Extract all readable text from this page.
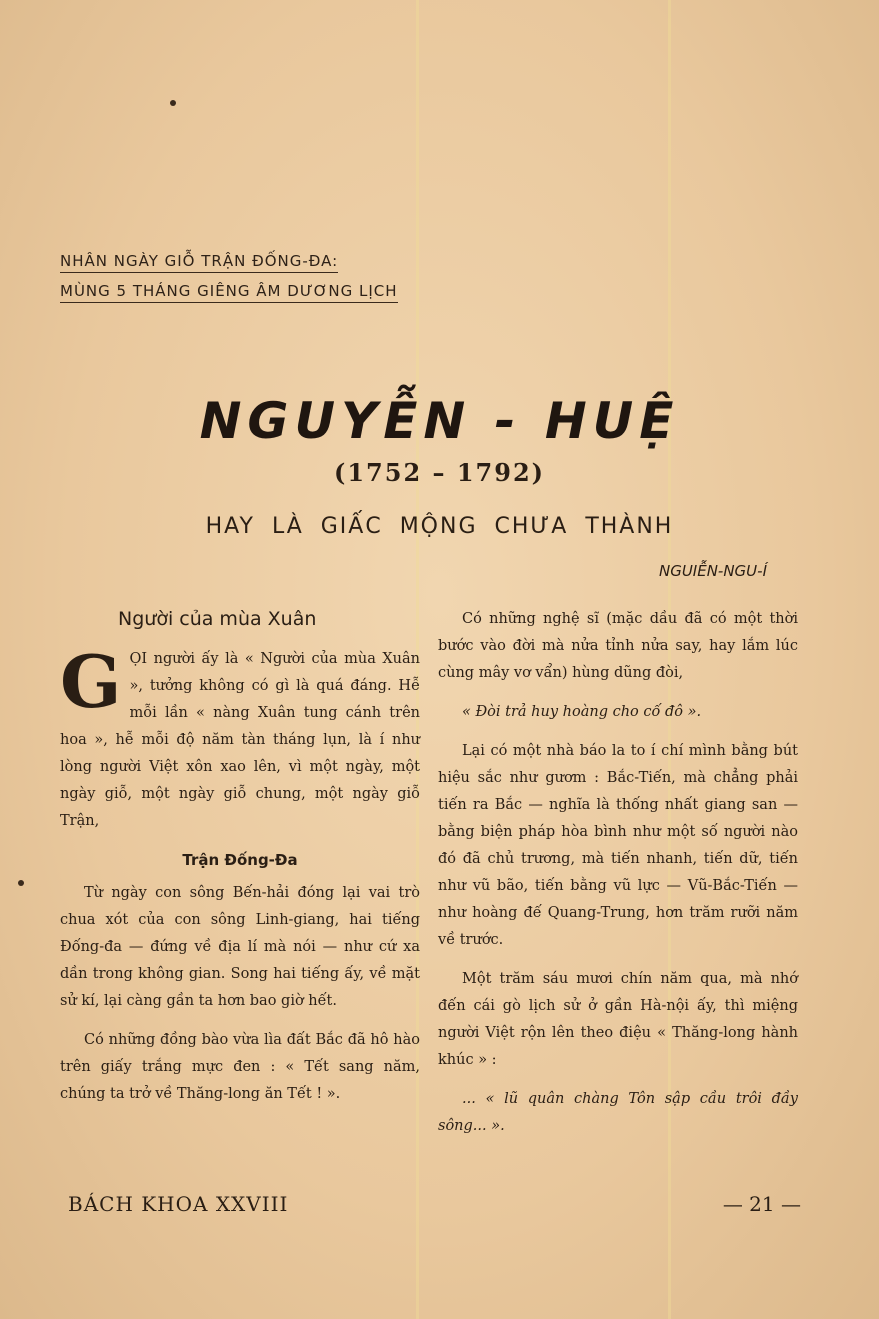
NHÂN NGÀY GIỖ TRẬN ĐỐNG-ĐA:
MÙNG 5 THÁNG GIÊNG ÂM DƯƠNG LỊCH
NGUYỄN - HUỆ
(1752 – 1792)
HAY LÀ GIẤC MỘNG CHƯA THÀNH
NGUIỄN-NGU-Í
Người của mùa Xuân

GỌI người ấy là « Người của mùa Xuân », tưởng không có gì là quá đáng. Hễ mỗi lần « nàng Xuân tung cánh trên hoa », hễ mỗi độ năm tàn tháng lụn, là í như lòng người Việt xôn xao lên, vì một ngày, một ngày giỗ, một ngày giỗ chung, một ngày giỗ Trận,

Trận Đống-Đa

Từ ngày con sông Bến-hải đóng lại vai trò chua xót của con sông Linh-giang, hai tiếng Đống-đa — đứng về địa lí mà nói — như cứ xa dần trong không gian. Song hai tiếng ấy, về mặt sử kí, lại càng gần ta hơn bao giờ hết.

Có những đồng bào vừa lìa đất Bắc đã hô hào trên giấy trắng mực đen : « Tết sang năm, chúng ta trở về Thăng-long ăn Tết ! ».

Có những nghệ sĩ (mặc dầu đã có một thời bước vào đời mà nửa tỉnh nửa say, hay lắm lúc cùng mây vơ vẩn) hùng dũng đòi,

« Đòi trả huy hoàng cho cố đô ».

Lại có một nhà báo la to í chí mình bằng bút hiệu sắc như gươm : Bắc-Tiến, mà chẳng phải tiến ra Bắc — nghĩa là thống nhất giang san — bằng biện pháp hòa bình như một số người nào đó đã chủ trương, mà tiến nhanh, tiến dữ, tiến như vũ bão, tiến bằng vũ lực — Vũ-Bắc-Tiến — như hoàng đế Quang-Trung, hơn trăm rưỡi năm về trước.

Một trăm sáu mươi chín năm qua, mà nhớ đến cái gò lịch sử ở gần Hà-nội ấy, thì miệng người Việt rộn lên theo điệu « Thăng-long hành khúc » :

... « lũ quân chàng Tôn sập cầu trôi đầy sông... ».

BÁCH KHOA XXVIII	— 21 —
